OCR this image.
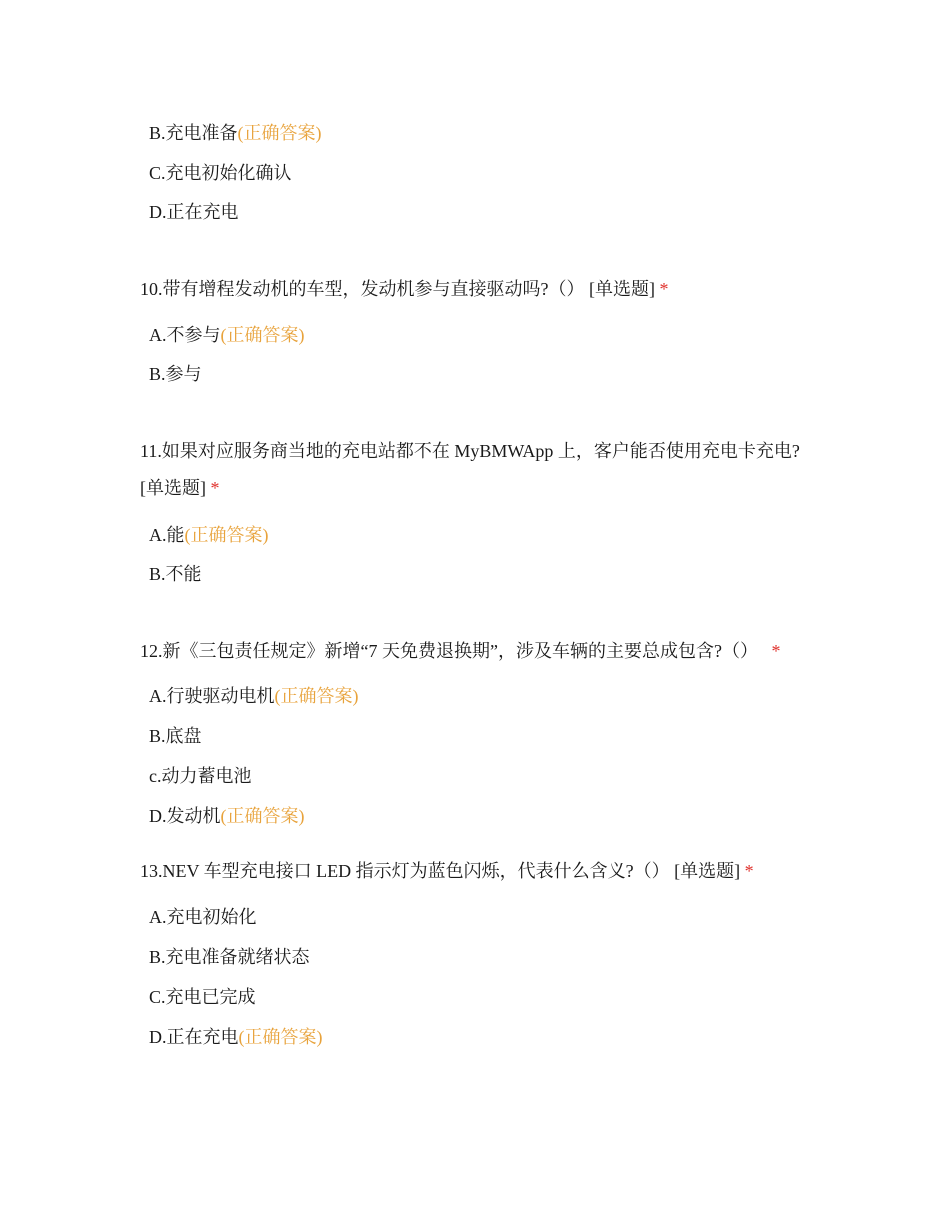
B.充电准备(正确答案)
C.充电初始化确认
D.正在充电
10.带有增程发动机的车型，发动机参与直接驱动吗?（） [单选题] *
A.不参与(正确答案)
B.参与
11.如果对应服务商当地的充电站都不在 MyBMWApp 上，客户能否使用充电卡充电? [单选题] *
A.能(正确答案)
B.不能
12.新《三包责任规定》新增“7 天免费退换期”，涉及车辆的主要总成包含?（） *
A.行驶驱动电机(正确答案)
B.底盘
c.动力蓄电池
D.发动机(正确答案)
13.NEV 车型充电接口 LED 指示灯为蓝色闪烁，代表什么含义?（） [单选题] *
A.充电初始化
B.充电准备就绪状态
C.充电已完成
D.正在充电(正确答案)
